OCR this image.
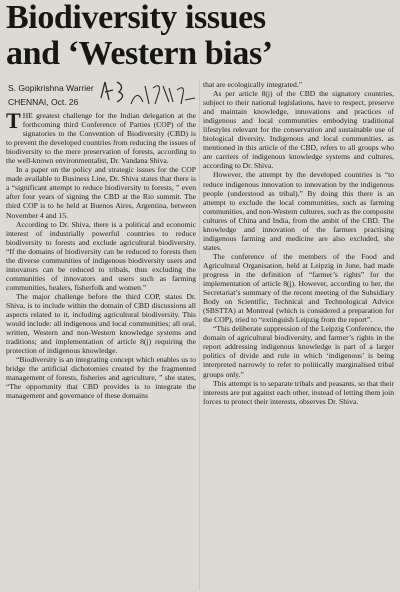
Biodiversity issues
and ‘Western bias’
S. Gopikrishna Warrier
CHENNAI, Oct. 26

THE greatest challenge for the Indian delegation at the forthcoming third Conference of Parties (COP) of the signatories to the Convention of Biodiversity (CBD) is to prevent the developed countries from reducing the issues of biodiversity to the mere preservation of forests, according to the well-known environmentalist, Dr. Vandana Shiva.

In a paper on the policy and strategic issues for the COP made available to Business Line, Dr. Shiva states that there is a “significant attempt to reduce biodiversity to forests, ” even after four years of signing the CBD at the Rio summit. The third COP is to be held at Buenos Aires, Argentina, between November 4 and 15.

According to Dr. Shiva, there is a political and economic interest of industrially powerful countries to reduce biodiversity to forests and exclude agricultural biodiversity. “If the domains of biodiversity can be reduced to forests then the diverse communities of indigenous biodiversity users and innovators can be reduced to tribals, thus excluding the communities of innovators and users such as farming communities, healers, fisherfolk and women.”

The major challenge before the third COP, states Dr. Shiva, is to include within the domain of CBD discussions all aspects related to it, including agricultural biodiversity. This would include: all indigenous and local communities; all oral, written, Western and non-Western knowledge systems and traditions; and implementation of article 8(j) requiring the protection of indigenous knowledge.

“Biodiversity is an integrating concept which enables us to bridge the artificial dichotomies created by the fragmented management of forests, fisheries and agriculture, ” she states, “The opportunity that CBD provides is to integrate the management and governance of these domains

that are ecologically integrated.”

As per article 8(j) of the CBD the signatory countries, subject to their national legislations, have to respect, preserve and maintain knowledge, innovations and practices of indigenous and local communities embodying traditional lifestyles relevant for the conservation and sustainable use of biological diversity. Indigenous and local communities, as mentioned in this article of the CBD, refers to all groups who are carriers of indigenous knowledge systems and cultures, according to Dr. Shiva.

However, the attempt by the developed countries is “to reduce indigenous innovation to innovation by the indigenous people (understood as tribal).” By doing this there is an attempt to exclude the local communities, such as farming communities, and non-Western cultures, such as the composite cultures of China and India, from the ambit of the CBD. The knowledge and innovation of the farmers practising indigenous farming and medicine are also excluded, she states.

The conference of the members of the Food and Agricultural Organisation, held at Leipzig in June, had made progress in the definition of “farmer’s rights” for the implementation of article 8(j). However, according to her, the Secretariat’s summary of the recent meeting of the Subsidiary Body on Scientific, Technical and Technological Advice (SBSTTA) at Montreal (which is considered a preparation for the COP), tried to “extinguish Leipzig from the report”.

“This deliberate suppression of the Leipzig Conference, the domain of agricultural biodiversity, and farmer’s rights in the report addressing indigenous knowledge is part of a larger politics of divide and rule in which ‘indigenous’ is being interpreted narrowly to refer to politically marginalised tribal groups only.”

This attempt is to separate tribals and peasants, so that their interests are put against each other, instead of letting them join forces to protect their interests, observes Dr. Shiva.
